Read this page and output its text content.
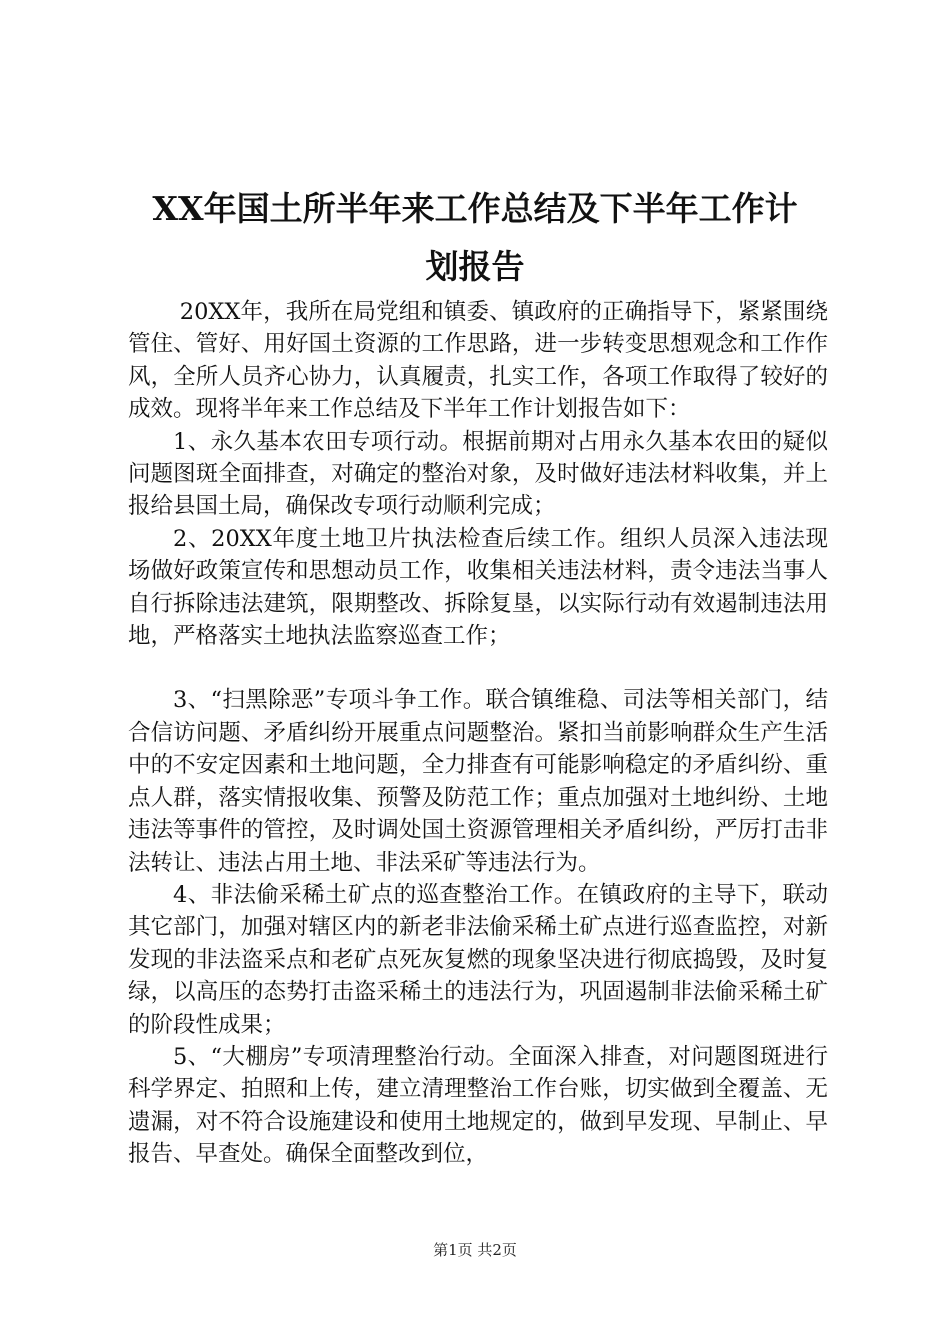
XX年国土所半年来工作总结及下半年工作计
划报告

20XX年，我所在局党组和镇委、镇政府的正确指导下，紧紧围绕管住、管好、用好国土资源的工作思路，进一步转变思想观念和工作作风，全所人员齐心协力，认真履责，扎实工作，各项工作取得了较好的成效。现将半年来工作总结及下半年工作计划报告如下：

1、永久基本农田专项行动。根据前期对占用永久基本农田的疑似问题图斑全面排查，对确定的整治对象，及时做好违法材料收集，并上报给县国土局，确保改专项行动顺利完成；

2、20XX年度土地卫片执法检查后续工作。组织人员深入违法现场做好政策宣传和思想动员工作，收集相关违法材料，责令违法当事人自行拆除违法建筑，限期整改、拆除复垦，以实际行动有效遏制违法用地，严格落实土地执法监察巡查工作；

3、“扫黑除恶”专项斗争工作。联合镇维稳、司法等相关部门，结合信访问题、矛盾纠纷开展重点问题整治。紧扣当前影响群众生产生活中的不安定因素和土地问题，全力排查有可能影响稳定的矛盾纠纷、重点人群，落实情报收集、预警及防范工作；重点加强对土地纠纷、土地违法等事件的管控，及时调处国土资源管理相关矛盾纠纷，严厉打击非法转让、违法占用土地、非法采矿等违法行为。

4、非法偷采稀土矿点的巡查整治工作。在镇政府的主导下，联动其它部门，加强对辖区内的新老非法偷采稀土矿点进行巡查监控，对新发现的非法盗采点和老矿点死灰复燃的现象坚决进行彻底捣毁，及时复绿，以高压的态势打击盗采稀土的违法行为，巩固遏制非法偷采稀土矿的阶段性成果；

5、“大棚房”专项清理整治行动。全面深入排查，对问题图斑进行科学界定、拍照和上传，建立清理整治工作台账，切实做到全覆盖、无遗漏，对不符合设施建设和使用土地规定的，做到早发现、早制止、早报告、早查处。确保全面整改到位，

第1页 共2页
